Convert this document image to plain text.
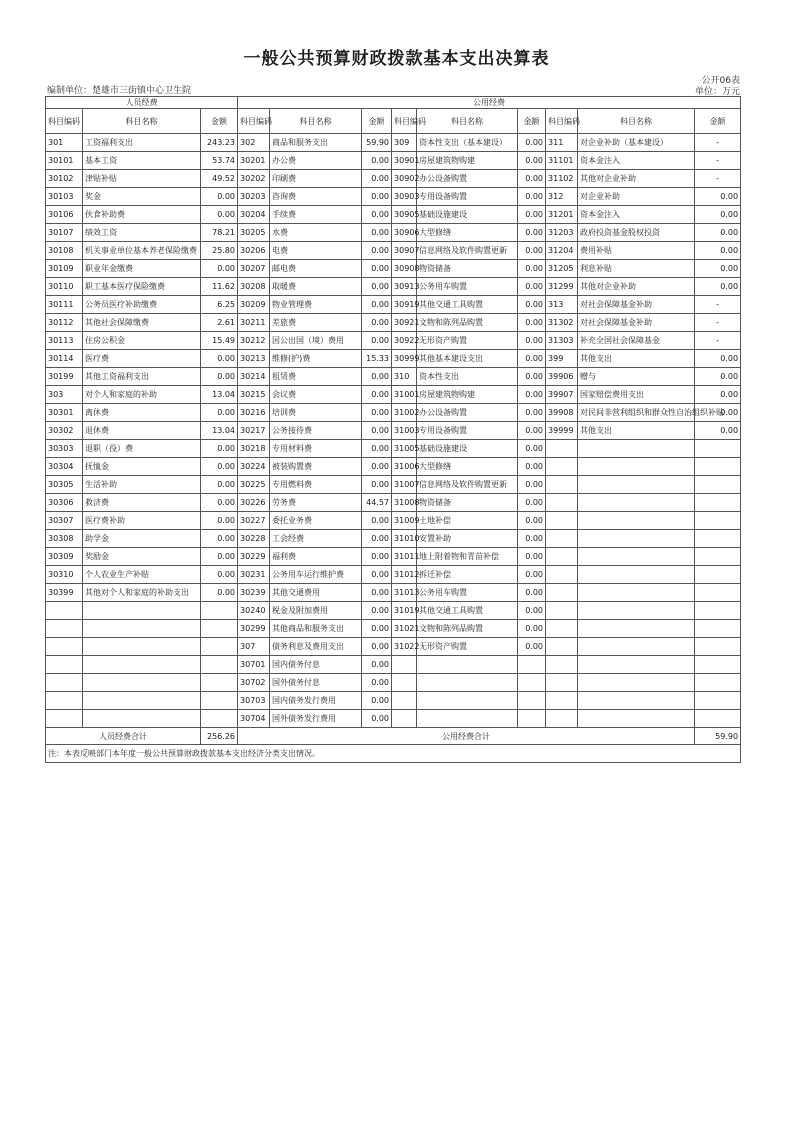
一般公共预算财政拨款基本支出决算表
公开06表
编制单位：楚雄市三街镇中心卫生院	单位：万元
人员经费			公用经费								
科目编码	科目名称	金额	科目编码	科目名称	金额	科目编码	科目名称	金额	科目编码	科目名称	金额
301	工资福利支出	243.23	302	商品和服务支出	59.90	309	资本性支出（基本建设）	0.00	311	对企业补助（基本建设）	-
30101	基本工资	53.74	30201	办公费	0.00	30901	房屋建筑物购建	0.00	31101	资本金注入	-
30102	津贴补贴	49.52	30202	印刷费	0.00	30902	办公设备购置	0.00	31102	其他对企业补助	-
30103	奖金	0.00	30203	咨询费	0.00	30903	专用设备购置	0.00	312	对企业补助	0.00
30106	伙食补助费	0.00	30204	手续费	0.00	30905	基础设施建设	0.00	31201	资本金注入	0.00
30107	绩效工资	78.21	30205	水费	0.00	30906	大型修缮	0.00	31203	政府投资基金股权投资	0.00
30108	机关事业单位基本养老保险缴费	25.80	30206	电费	0.00	30907	信息网络及软件购置更新	0.00	31204	费用补贴	0.00
30109	职业年金缴费	0.00	30207	邮电费	0.00	30908	物资储备	0.00	31205	利息补贴	0.00
30110	职工基本医疗保险缴费	11.62	30208	取暖费	0.00	30913	公务用车购置	0.00	31299	其他对企业补助	0.00
30111	公务员医疗补助缴费	6.25	30209	物业管理费	0.00	30919	其他交通工具购置	0.00	313	对社会保障基金补助	-
30112	其他社会保障缴费	2.61	30211	差旅费	0.00	30921	文物和陈列品购置	0.00	31302	对社会保障基金补助	-
30113	住房公积金	15.49	30212	因公出国（境）费用	0.00	30922	无形资产购置	0.00	31303	补充全国社会保障基金	-
30114	医疗费	0.00	30213	维修(护)费	15.33	30999	其他基本建设支出	0.00	399	其他支出	0.00
30199	其他工资福利支出	0.00	30214	租赁费	0.00	310	资本性支出	0.00	39906	赠与	0.00
303	对个人和家庭的补助	13.04	30215	会议费	0.00	31001	房屋建筑物购建	0.00	39907	国家赔偿费用支出	0.00
30301	离休费	0.00	30216	培训费	0.00	31002	办公设备购置	0.00	39908	对民间非营利组织和群众性自治组织补贴	0.00
30302	退休费	13.04	30217	公务接待费	0.00	31003	专用设备购置	0.00	39999	其他支出	0.00
30303	退职（役）费	0.00	30218	专用材料费	0.00	31005	基础设施建设	0.00			
30304	抚恤金	0.00	30224	被装购置费	0.00	31006	大型修缮	0.00			
30305	生活补助	0.00	30225	专用燃料费	0.00	31007	信息网络及软件购置更新	0.00			
30306	救济费	0.00	30226	劳务费	44.57	31008	物资储备	0.00			
30307	医疗费补助	0.00	30227	委托业务费	0.00	31009	土地补偿	0.00			
30308	助学金	0.00	30228	工会经费	0.00	31010	安置补助	0.00			
30309	奖励金	0.00	30229	福利费	0.00	31011	地上附着物和青苗补偿	0.00			
30310	个人农业生产补贴	0.00	30231	公务用车运行维护费	0.00	31012	拆迁补偿	0.00			
30399	其他对个人和家庭的补助支出	0.00	30239	其他交通费用	0.00	31013	公务用车购置	0.00			
			30240	税金及附加费用	0.00	31019	其他交通工具购置	0.00			
			30299	其他商品和服务支出	0.00	31021	文物和陈列品购置	0.00			
			307	债务利息及费用支出	0.00	31022	无形资产购置	0.00			
			30701	国内债务付息	0.00						
			30702	国外债务付息	0.00						
			30703	国内债务发行费用	0.00						
			30704	国外债务发行费用	0.00						
人员经费合计		256.26	公用经费合计								59.90
注：本表反映部门本年度一般公共预算财政拨款基本支出经济分类支出情况。											
